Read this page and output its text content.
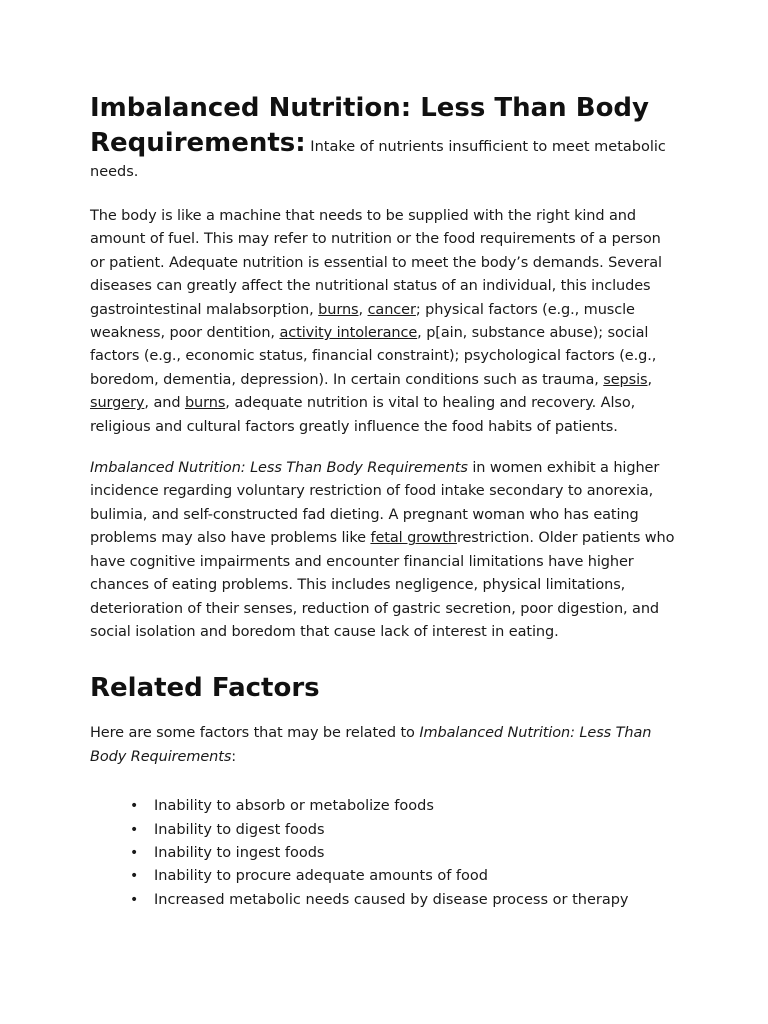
Imbalanced Nutrition: Less Than Body
Requirements: Intake of nutrients insufficient to meet metabolic
needs.

The body is like a machine that needs to be supplied with the right kind and amount of fuel. This may refer to nutrition or the food requirements of a person or patient. Adequate nutrition is essential to meet the body’s demands. Several diseases can greatly affect the nutritional status of an individual, this includes gastrointestinal malabsorption, burns, cancer; physical factors (e.g., muscle weakness, poor dentition, activity intolerance, p[ain, substance abuse); social factors (e.g., economic status, financial constraint); psychological factors (e.g., boredom, dementia, depression). In certain conditions such as trauma, sepsis, surgery, and burns, adequate nutrition is vital to healing and recovery. Also, religious and cultural factors greatly influence the food habits of patients.

Imbalanced Nutrition: Less Than Body Requirements in women exhibit a higher incidence regarding voluntary restriction of food intake secondary to anorexia, bulimia, and self-constructed fad dieting. A pregnant woman who has eating problems may also have problems like fetal growthrestriction. Older patients who have cognitive impairments and encounter financial limitations have higher chances of eating problems. This includes negligence, physical limitations, deterioration of their senses, reduction of gastric secretion, poor digestion, and social isolation and boredom that cause lack of interest in eating.

Related Factors

Here are some factors that may be related to Imbalanced Nutrition: Less Than Body Requirements:

• Inability to absorb or metabolize foods
• Inability to digest foods
• Inability to ingest foods
• Inability to procure adequate amounts of food
• Increased metabolic needs caused by disease process or therapy
